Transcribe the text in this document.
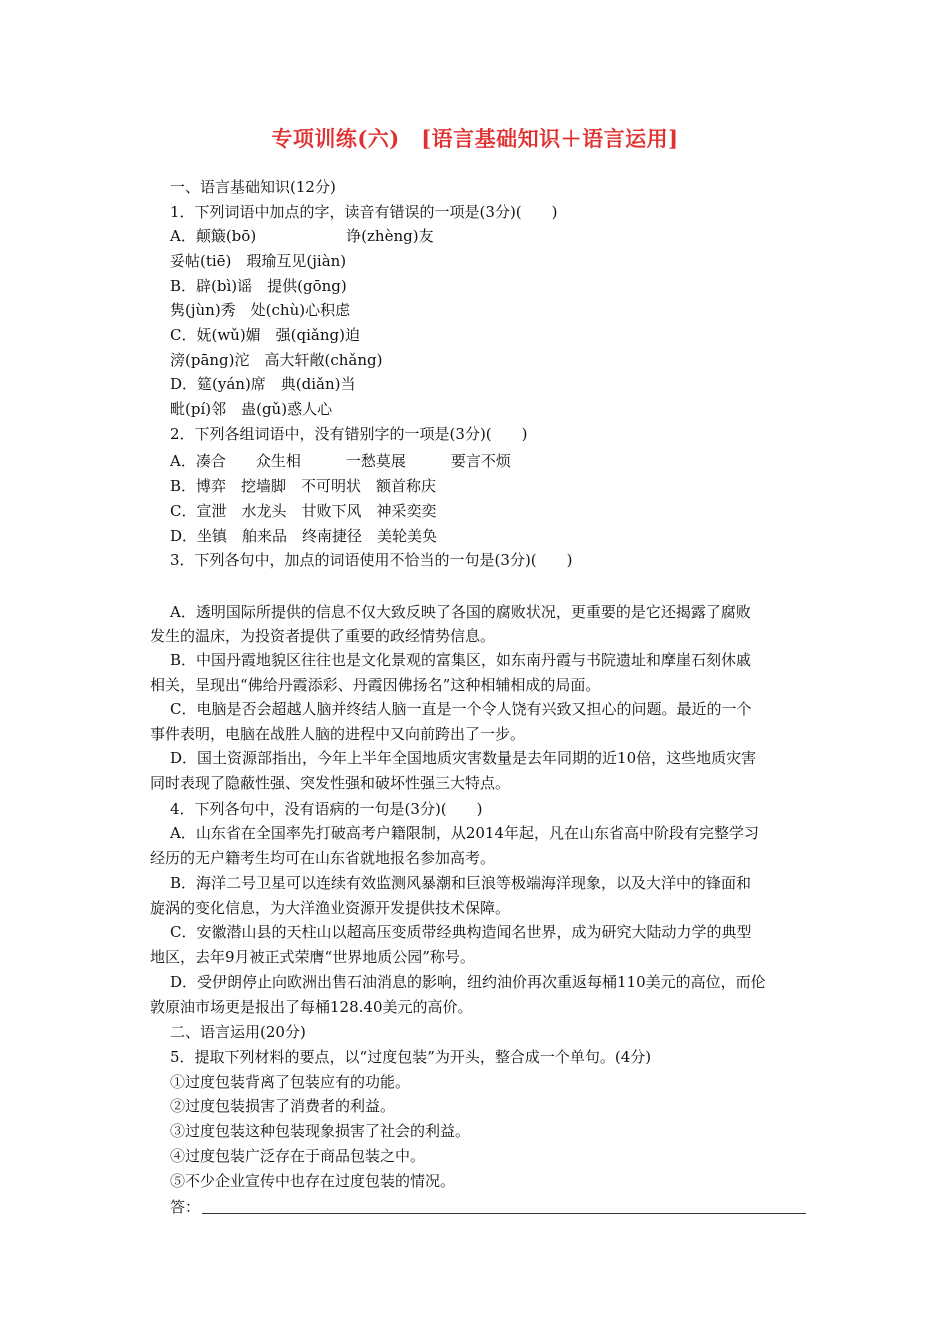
专项训练(六)　[语言基础知识＋语言运用]
一、语言基础知识(12分)
1．下列词语中加点的字，读音有错误的一项是(3分)(　　)
A．颠簸(bō)　　　　　　诤(zhèng)友
妥帖(tiē)　瑕瑜互见(jiàn)
B．辟(bì)谣　提供(gōng)
隽(jùn)秀　处(chù)心积虑
C．妩(wǔ)媚　强(qiǎng)迫
滂(pāng)沱　高大轩敞(chǎng)
D．筵(yán)席　典(diǎn)当
毗(pí)邻　蛊(gǔ)惑人心
2．下列各组词语中，没有错别字的一项是(3分)(　　)
A．凑合　　众生相　　　一愁莫展　　　要言不烦
B．博弈　挖墙脚　不可明状　额首称庆
C．宣泄　水龙头　甘败下风　神采奕奕
D．坐镇　舶来品　终南捷径　美轮美奂
3．下列各句中，加点的词语使用不恰当的一句是(3分)(　　)
A．透明国际所提供的信息不仅大致反映了各国的腐败状况，更重要的是它还揭露了腐败
发生的温床，为投资者提供了重要的政经情势信息。
B．中国丹霞地貌区往往也是文化景观的富集区，如东南丹霞与书院遗址和摩崖石刻休戚
相关，呈现出“佛给丹霞添彩、丹霞因佛扬名”这种相辅相成的局面。
C．电脑是否会超越人脑并终结人脑一直是一个令人饶有兴致又担心的问题。最近的一个
事件表明，电脑在战胜人脑的进程中又向前跨出了一步。
D．国土资源部指出，今年上半年全国地质灾害数量是去年同期的近10倍，这些地质灾害
同时表现了隐蔽性强、突发性强和破坏性强三大特点。
4．下列各句中，没有语病的一句是(3分)(　　)
A．山东省在全国率先打破高考户籍限制，从2014年起，凡在山东省高中阶段有完整学习
经历的无户籍考生均可在山东省就地报名参加高考。
B．海洋二号卫星可以连续有效监测风暴潮和巨浪等极端海洋现象，以及大洋中的锋面和
旋涡的变化信息，为大洋渔业资源开发提供技术保障。
C．安徽潜山县的天柱山以超高压变质带经典构造闻名世界，成为研究大陆动力学的典型
地区，去年9月被正式荣膺“世界地质公园”称号。
D．受伊朗停止向欧洲出售石油消息的影响，纽约油价再次重返每桶110美元的高位，而伦
敦原油市场更是报出了每桶128.40美元的高价。
二、语言运用(20分)
5．提取下列材料的要点，以“过度包装”为开头，整合成一个单句。(4分)
①过度包装背离了包装应有的功能。
②过度包装损害了消费者的利益。
③过度包装这种包装现象损害了社会的利益。
④过度包装广泛存在于商品包装之中。
⑤不少企业宣传中也存在过度包装的情况。
答：
